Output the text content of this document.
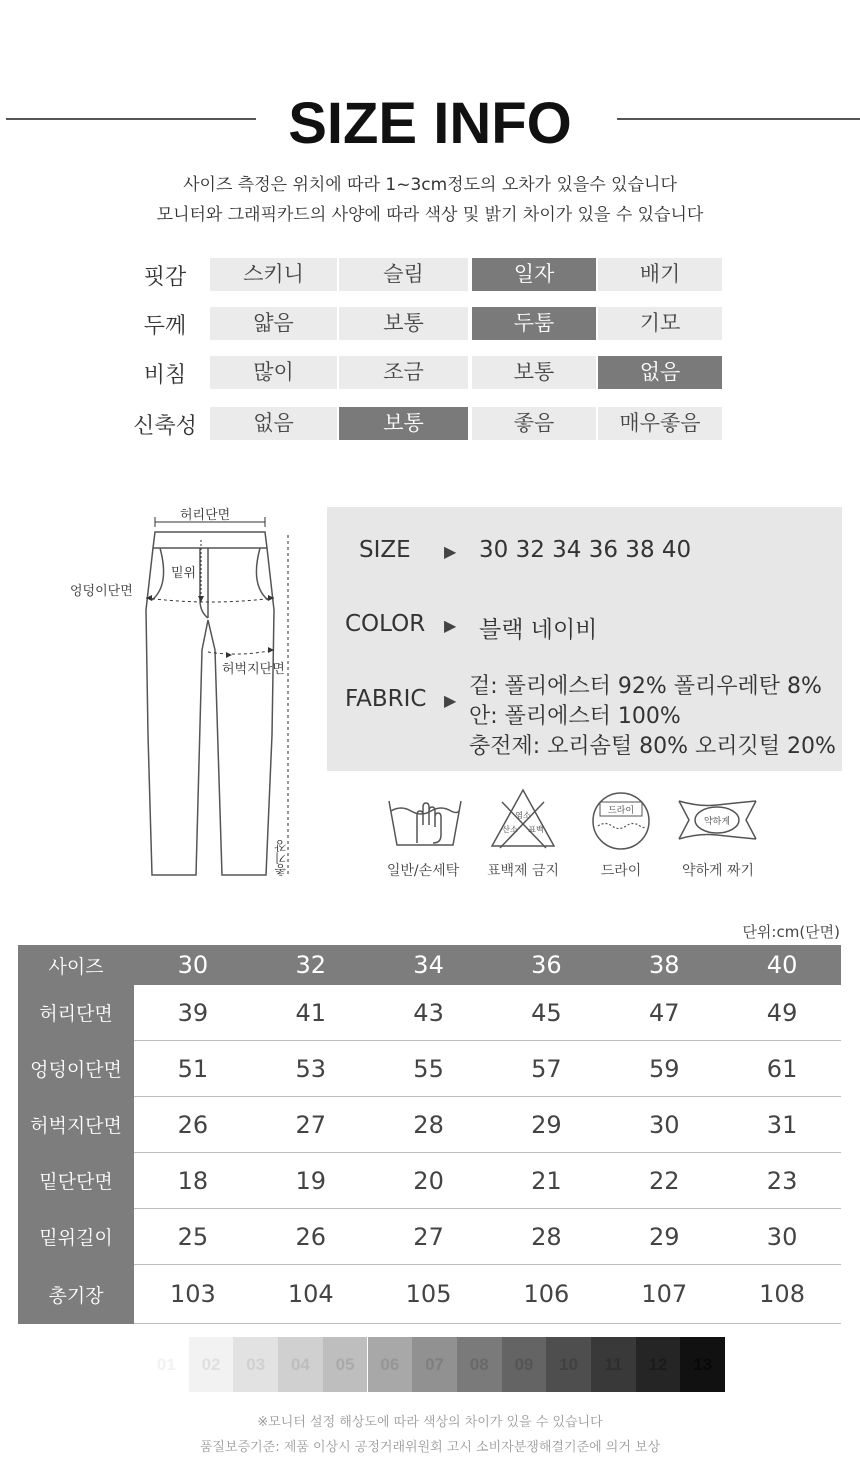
SIZE INFO
사이즈 측정은 위치에 따라 1~3cm정도의 오차가 있을수 있습니다
모니터와 그래픽카드의 사양에 따라 색상 및 밝기 차이가 있을 수 있습니다
핏감	스키니	슬림	일자	배기
두께	얇음	보통	두툼	기모
비침	많이	조금	보통	없음
신축성	없음	보통	좋음	매우좋음
허리단면
밑위
엉덩이단면
허벅지단면
총기장
SIZE ▶ 30 32 34 36 38 40
COLOR ▶ 블랙 네이비
FABRIC ▶
겉: 폴리에스터 92% 폴리우레탄 8%
안: 폴리에스터 100%
충전제: 오리솜털 80% 오리깃털 20%
염소
산소 표백
드라이
약하게
일반/손세탁	표백제 금지	드라이	약하게 짜기
단위:cm(단면)
사이즈	30	32	34	36	38	40
허리단면	39	41	43	45	47	49
엉덩이단면	51	53	55	57	59	61
허벅지단면	26	27	28	29	30	31
밑단단면	18	19	20	21	22	23
밑위길이	25	26	27	28	29	30
총기장	103	104	105	106	107	108
01	02	03	04	05	06	07	08	09	10	11	12	13
※모니터 설정 해상도에 따라 색상의 차이가 있을 수 있습니다
품질보증기준: 제품 이상시 공정거래위원회 고시 소비자분쟁해결기준에 의거 보상
